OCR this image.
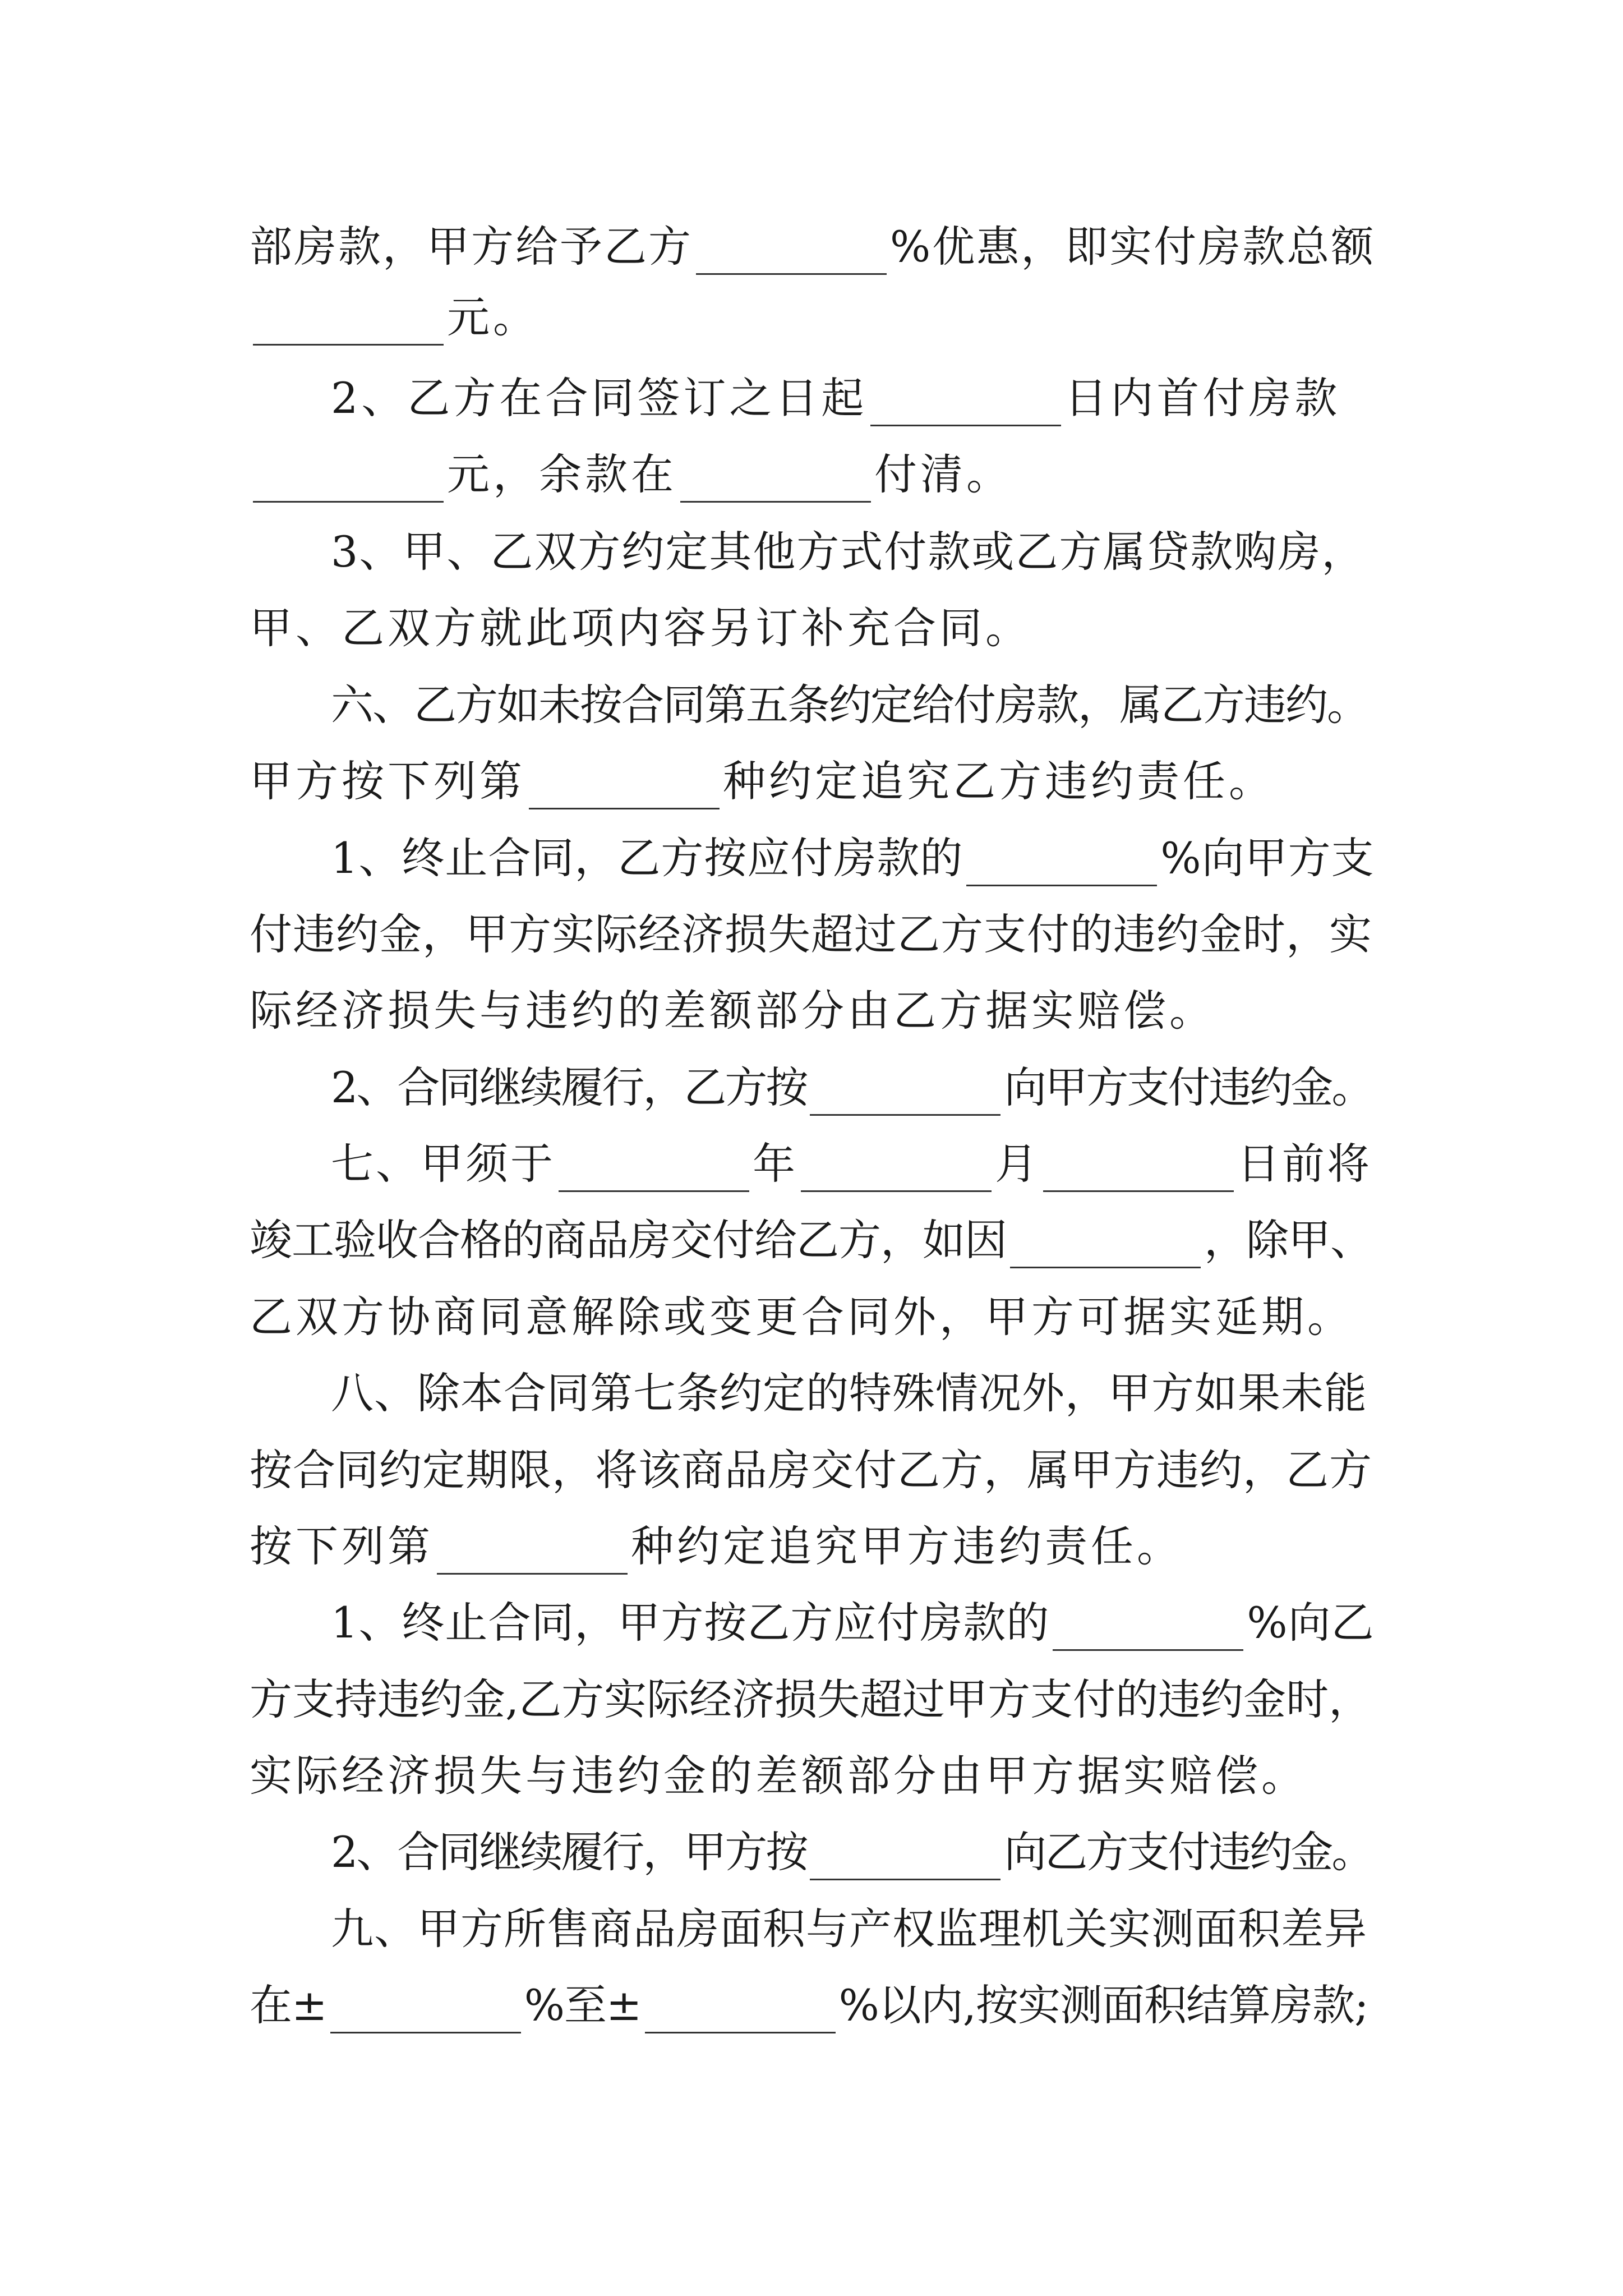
部房款，甲方给予乙方	%优惠，即实付房款总额
元。
2、乙方在合同签订之日起	日内首付房款
元，余款在	付清。
3、甲、乙双方约定其他方式付款或乙方属贷款购房，
甲、乙双方就此项内容另订补充合同。
六、乙方如未按合同第五条约定给付房款，属乙方违约。
甲方按下列第	种约定追究乙方违约责任。
1、终止合同，乙方按应付房款的	%向甲方支
付违约金，甲方实际经济损失超过乙方支付的违约金时，实
际经济损失与违约的差额部分由乙方据实赔偿。
2、合同继续履行，乙方按	向甲方支付违约金。
七、甲须于	年	月	日前将
竣工验收合格的商品房交付给乙方，如因	，除甲、
乙双方协商同意解除或变更合同外，甲方可据实延期。
八、除本合同第七条约定的特殊情况外，甲方如果未能
按合同约定期限，将该商品房交付乙方，属甲方违约，乙方
按下列第	种约定追究甲方违约责任。
1、终止合同，甲方按乙方应付房款的	%向乙
方支持违约金,乙方实际经济损失超过甲方支付的违约金时，
实际经济损失与违约金的差额部分由甲方据实赔偿。
2、合同继续履行，甲方按	向乙方支付违约金。
九、甲方所售商品房面积与产权监理机关实测面积差异
在±	%至±	%以内,按实测面积结算房款;
